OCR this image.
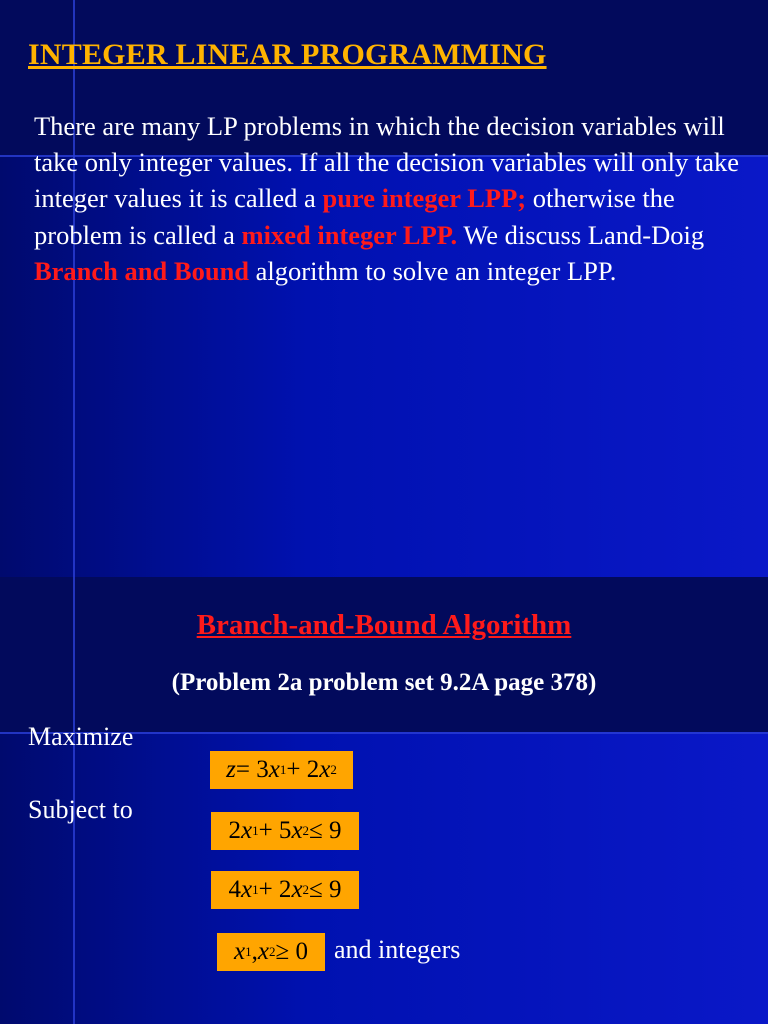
INTEGER LINEAR PROGRAMMING
There are many LP problems in which the decision variables will take only integer values. If all the decision variables will only take integer values it is called a pure integer LPP; otherwise the problem is called a mixed integer LPP. We discuss Land-Doig Branch and Bound algorithm to solve an integer LPP.
Branch-and-Bound Algorithm
(Problem 2a problem set 9.2A page 378)
Maximize
Subject to
z = 3 x 1 + 2 x 2
2 x 1 + 5 x 2 ≤ 9
4 x 1 + 2 x 2 ≤ 9
x 1 , x 2 ≥ 0 and integers
